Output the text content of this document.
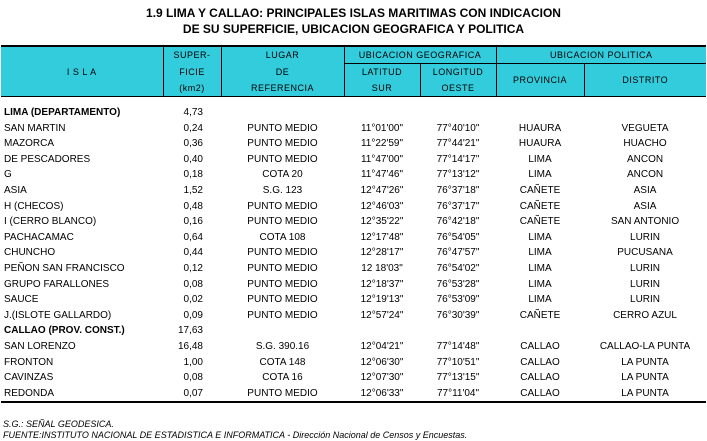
1.9 LIMA Y CALLAO: PRINCIPALES ISLAS MARITIMAS CON INDICACION
DE SU SUPERFICIE, UBICACION GEOGRAFICA Y POLITICA
I S L A	SUPER-	LUGAR	UBICACION GEOGRAFICA		UBICACION POLITICA	
	FICIE	DE	LATITUD	LONGITUD	PROVINCIA	DISTRITO
	(km2)	REFERENCIA	SUR	OESTE		

LIMA (DEPARTAMENTO)	4,73					
SAN MARTIN	0,24	PUNTO MEDIO	11°01'00"	77°40'10"	HUAURA	VEGUETA
MAZORCA	0,36	PUNTO MEDIO	11°22'59"	77°44'21"	HUAURA	HUACHO
DE PESCADORES	0,40	PUNTO MEDIO	11°47'00"	77°14'17"	LIMA	ANCON
G	0,18	COTA 20	11°47'46"	77°13'12"	LIMA	ANCON
ASIA	1,52	S.G. 123	12°47'26"	76°37'18"	CAÑETE	ASIA
H (CHECOS)	0,48	PUNTO MEDIO	12°46'03"	76°37'17"	CAÑETE	ASIA
I (CERRO BLANCO)	0,16	PUNTO MEDIO	12°35'22"	76°42'18"	CAÑETE	SAN ANTONIO
PACHACAMAC	0,64	COTA 108	12°17'48"	76°54'05"	LIMA	LURIN
CHUNCHO	0,44	PUNTO MEDIO	12°28'17"	76°47'57"	LIMA	PUCUSANA
PEÑON SAN FRANCISCO	0,12	PUNTO MEDIO	12 18'03"	76°54'02"	LIMA	LURIN
GRUPO FARALLONES	0,08	PUNTO MEDIO	12°18'37"	76°53'28"	LIMA	LURIN
SAUCE	0,02	PUNTO MEDIO	12°19'13"	76°53'09"	LIMA	LURIN
J.(ISLOTE GALLARDO)	0,09	PUNTO MEDIO	12°57'24"	76°30'39"	CAÑETE	CERRO AZUL
CALLAO (PROV. CONST.)	17,63					
SAN LORENZO	16,48	S.G. 390.16	12°04'21"	77°14'48"	CALLAO	CALLAO-LA PUNTA
FRONTON	1,00	COTA 148	12°06'30"	77°10'51"	CALLAO	LA PUNTA
CAVINZAS	0,08	COTA 16	12°07'30"	77°13'15"	CALLAO	LA PUNTA
REDONDA	0,07	PUNTO MEDIO	12°06'33"	77°11'04"	CALLAO	LA PUNTA
S.G.: SEÑAL GEODESICA.
FUENTE:INSTITUTO NACIONAL DE ESTADISTICA E INFORMATICA - Dirección Nacional de Censos y Encuestas.
